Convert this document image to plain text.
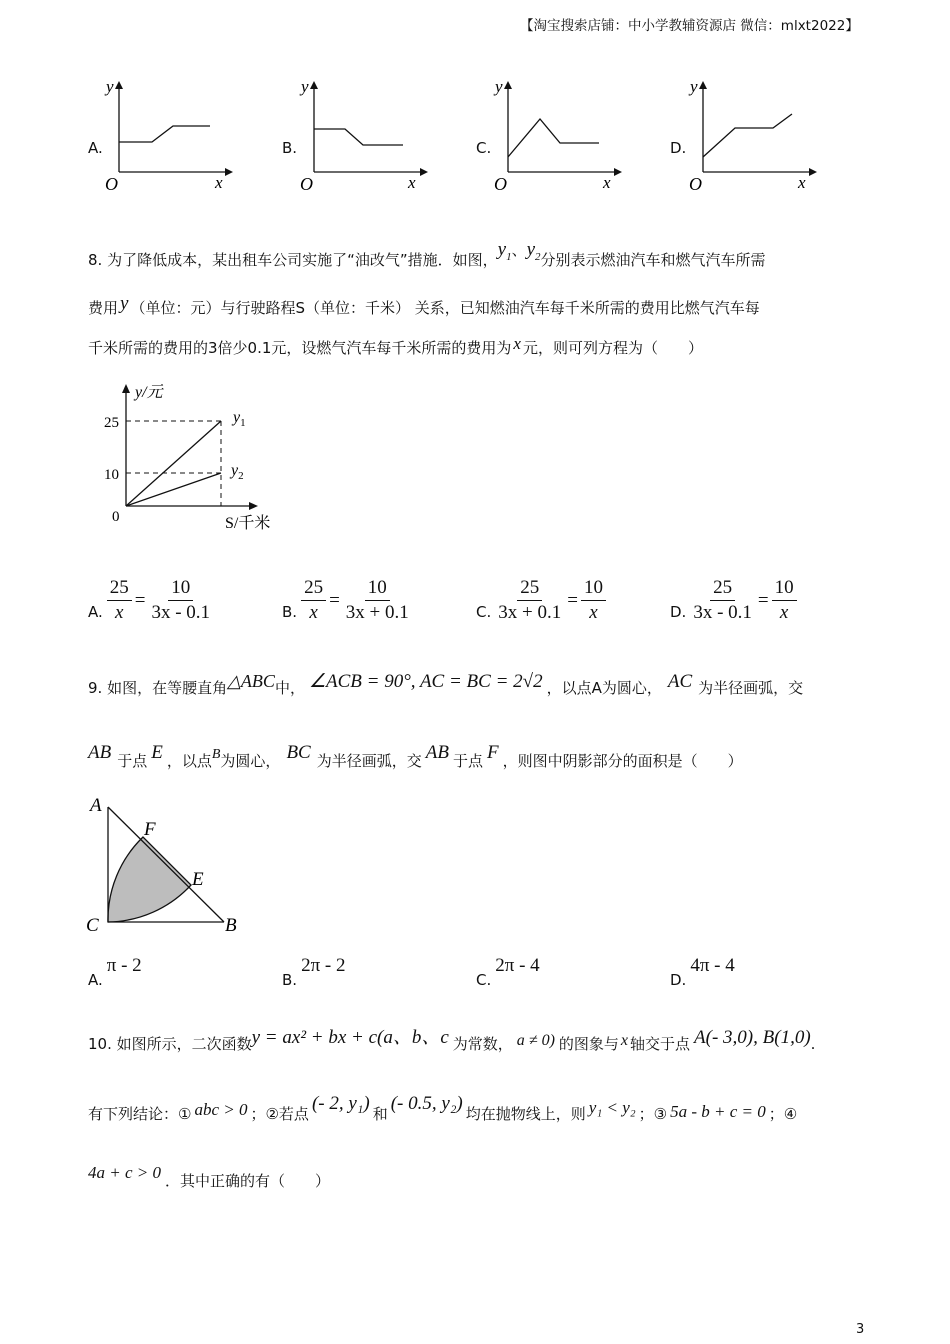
【淘宝搜索店铺：中小学教辅资源店 微信：mlxt2022】
A.
y
O	x
B.
y
O	x
C.
y
O	x
D.
y
O	x
8. 为了降低成本，某出租车公司实施了“油改气”措施．如图，$y_1$、$y_2$分别表示燃油汽车和燃气汽车所需
费用 y （单位：元）与行驶路程S（单位：千米） 关系，已知燃油汽车每千米所需的费用比燃气汽车每
千米所需的费用的3倍少0.1元，设燃气汽车每千米所需的费用为 x 元，则可列方程为（　　）
y/元
25
10
0
$y_1$
$y_2$
S/千米
A. $\frac{25}{x} = \frac{10}{3x - 0.1}$	B. $\frac{25}{x} = \frac{10}{3x + 0.1}$	C. $\frac{25}{3x + 0.1} = \frac{10}{x}$	D. $\frac{25}{3x - 0.1} = \frac{10}{x}$
9. 如图，在等腰直角△ABC中， ∠ACB = 90°, AC = BC = 2√2 ，以点A为圆心， AC 为半径画弧，交
AB 于点 E ，以点B为圆心， BC 为半径画弧，交 AB 于点 F ，则图中阴影部分的面积是（　　）
A
F
E
C	B
A.π - 2
B.2π - 2
C.2π - 4
D.4π - 4
10. 如图所示，二次函数y = ax² + bx + c(a、b、c 为常数， a ≠ 0) 的图象与 x 轴交于点 A(- 3,0), B(1,0).
有下列结论：① abc > 0 ；②若点 (- 2, y₁) 和 (- 0.5, y₂) 均在抛物线上，则 y₁ < y₂ ；③ 5a - b + c = 0 ；④
4a + c > 0 ．其中正确的有（　　）
3
